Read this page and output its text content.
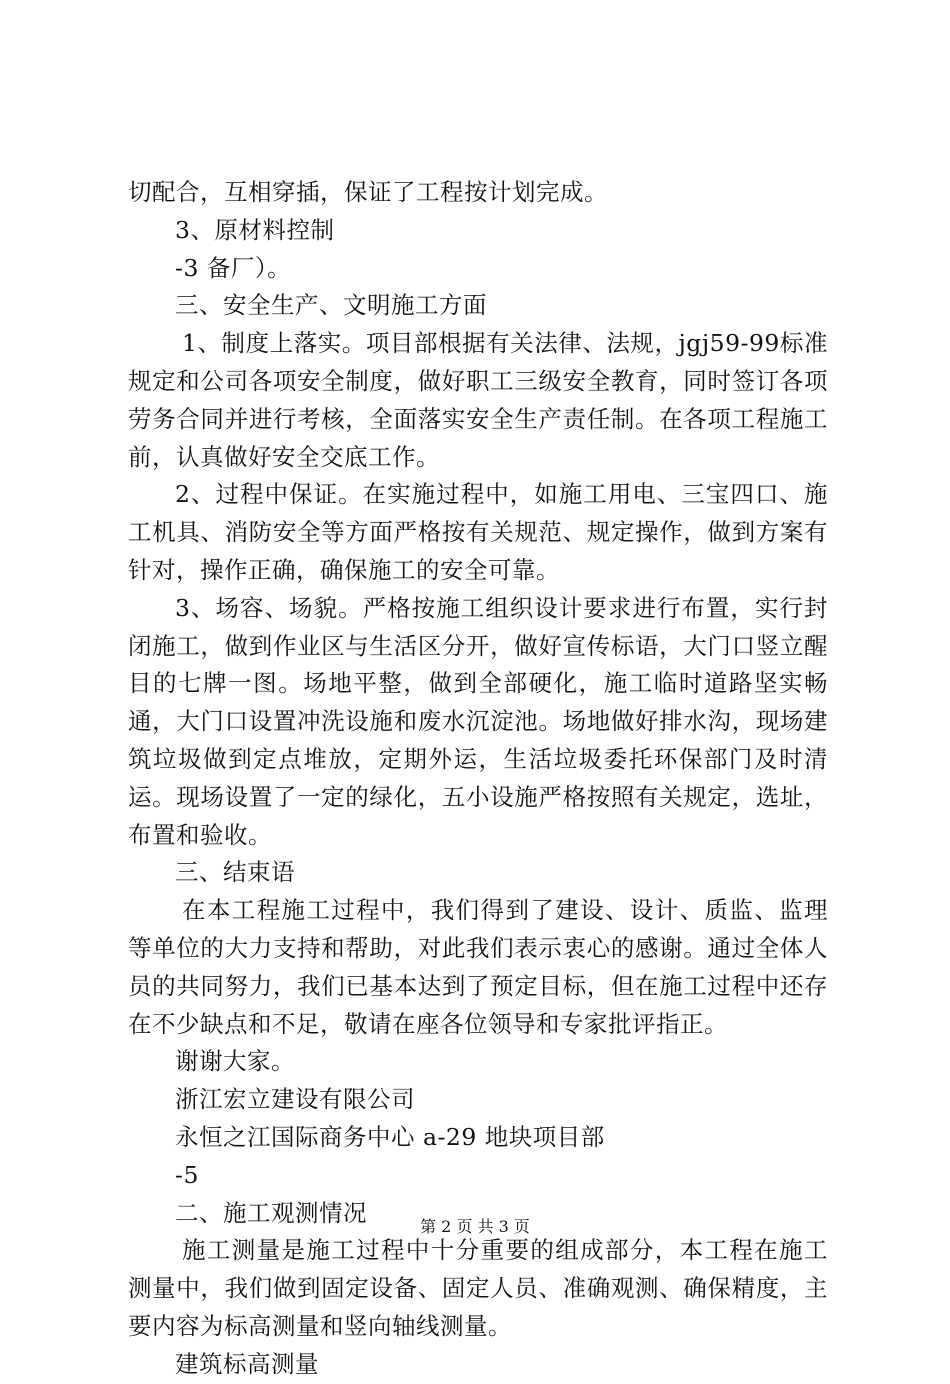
切配合，互相穿插，保证了工程按计划完成。

3、原材料控制

-3 备厂）。

三、安全生产、文明施工方面

1、制度上落实。项目部根据有关法律、法规，jgj59-99标准规定和公司各项安全制度，做好职工三级安全教育，同时签订各项劳务合同并进行考核，全面落实安全生产责任制。在各项工程施工前，认真做好安全交底工作。

2、过程中保证。在实施过程中，如施工用电、三宝四口、施工机具、消防安全等方面严格按有关规范、规定操作，做到方案有针对，操作正确，确保施工的安全可靠。

3、场容、场貌。严格按施工组织设计要求进行布置，实行封闭施工，做到作业区与生活区分开，做好宣传标语，大门口竖立醒目的七牌一图。场地平整，做到全部硬化，施工临时道路坚实畅通，大门口设置冲洗设施和废水沉淀池。场地做好排水沟，现场建筑垃圾做到定点堆放，定期外运，生活垃圾委托环保部门及时清运。现场设置了一定的绿化，五小设施严格按照有关规定，选址，布置和验收。

三、结束语

在本工程施工过程中，我们得到了建设、设计、质监、监理等单位的大力支持和帮助，对此我们表示衷心的感谢。通过全体人员的共同努力，我们已基本达到了预定目标，但在施工过程中还存在不少缺点和不足，敬请在座各位领导和专家批评指正。

谢谢大家。

浙江宏立建设有限公司

永恒之江国际商务中心 a-29 地块项目部

-5

二、施工观测情况

施工测量是施工过程中十分重要的组成部分，本工程在施工测量中，我们做到固定设备、固定人员、准确观测、确保精度，主要内容为标高测量和竖向轴线测量。

建筑标高测量

第 2 页 共 3 页
